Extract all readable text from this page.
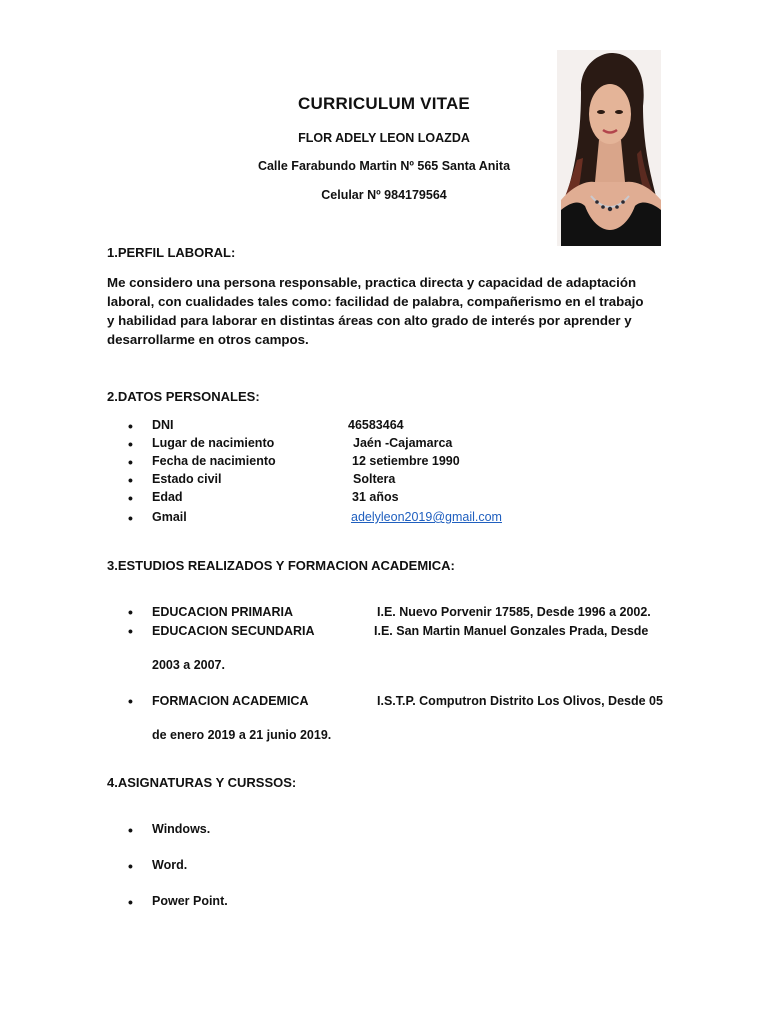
CURRICULUM VITAE
FLOR ADELY LEON LOAZDA
Calle Farabundo Martin Nº 565 Santa Anita
Celular Nº 984179564
1.PERFIL LABORAL:
Me considero una persona responsable, practica directa y capacidad de adaptación laboral, con cualidades tales como: facilidad de palabra, compañerismo en el trabajo y habilidad para laborar en distintas áreas con alto grado de interés por aprender y desarrollarme en otros campos.
2.DATOS PERSONALES:
• DNI	46583464
• Lugar de nacimiento	Jaén -Cajamarca
• Fecha de nacimiento	12 setiembre 1990
• Estado civil	Soltera
• Edad	31 años
• Gmail	adelyleon2019@gmail.com
3.ESTUDIOS REALIZADOS Y FORMACION ACADEMICA:
• EDUCACION PRIMARIA	I.E. Nuevo Porvenir 17585, Desde 1996 a 2002.
• EDUCACION SECUNDARIA	I.E. San Martin Manuel Gonzales Prada, Desde
2003 a 2007.
• FORMACION ACADEMICA	I.S.T.P. Computron Distrito Los Olivos, Desde 05
de enero 2019 a 21 junio 2019.
4.ASIGNATURAS Y CURSSOS:
• Windows.
• Word.
• Power Point.
